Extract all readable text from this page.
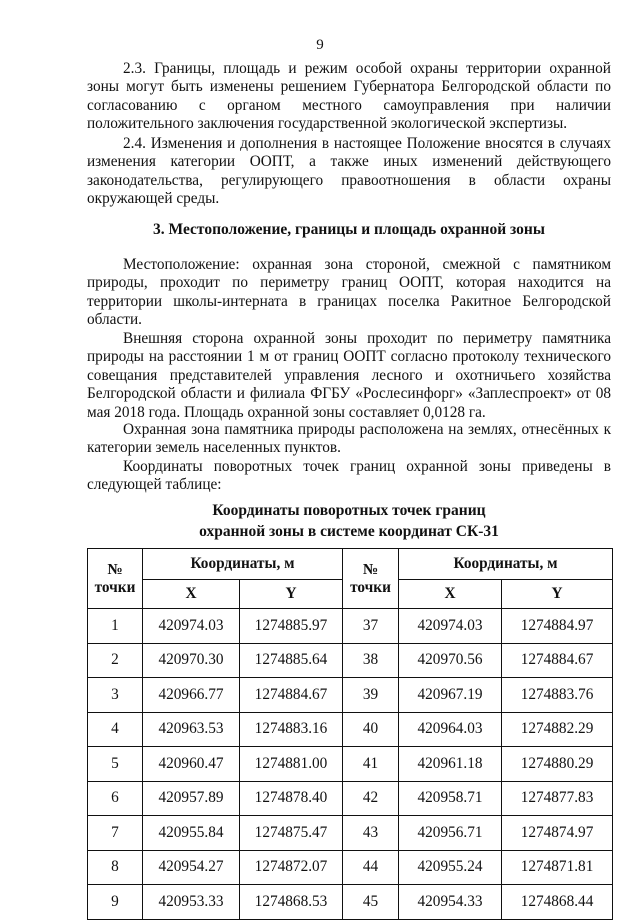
9

2.3. Границы, площадь и режим особой охраны территории охранной зоны могут быть изменены решением Губернатора Белгородской области по согласованию с органом местного самоуправления при наличии положительного заключения государственной экологической экспертизы.

2.4. Изменения и дополнения в настоящее Положение вносятся в случаях изменения категории ООПТ, а также иных изменений действующего законодательства, регулирующего правоотношения в области охраны окружающей среды.

3. Местоположение, границы и площадь охранной зоны

Местоположение: охранная зона стороной, смежной с памятником природы, проходит по периметру границ ООПТ, которая находится на территории школы-интерната в границах поселка Ракитное Белгородской области.

Внешняя сторона охранной зоны проходит по периметру памятника природы на расстоянии 1 м от границ ООПТ согласно протоколу технического совещания представителей управления лесного и охотничьего хозяйства Белгородской области и филиала ФГБУ «Рослесинфорг» «Заплеспроект» от 08 мая 2018 года. Площадь охранной зоны составляет 0,0128 га.

Охранная зона памятника природы расположена на землях, отнесённых к категории земель населенных пунктов.

Координаты поворотных точек границ охранной зоны приведены в следующей таблице:

Координаты поворотных точек границ
охранной зоны в системе координат СК-31
№ точки	Координаты, м		№ точки	Координаты, м	
	X	Y		X	Y
1	420974.03	1274885.97	37	420974.03	1274884.97
2	420970.30	1274885.64	38	420970.56	1274884.67
3	420966.77	1274884.67	39	420967.19	1274883.76
4	420963.53	1274883.16	40	420964.03	1274882.29
5	420960.47	1274881.00	41	420961.18	1274880.29
6	420957.89	1274878.40	42	420958.71	1274877.83
7	420955.84	1274875.47	43	420956.71	1274874.97
8	420954.27	1274872.07	44	420955.24	1274871.81
9	420953.33	1274868.53	45	420954.33	1274868.44
